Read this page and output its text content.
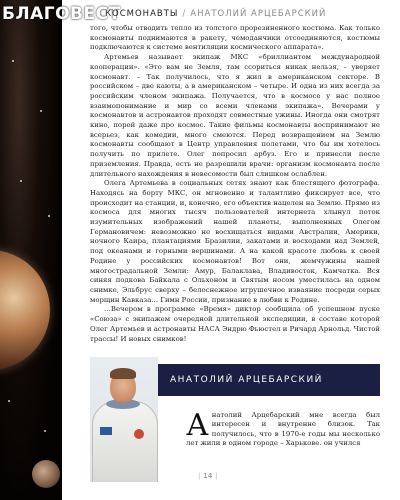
БЛАГОВЕСТ
КОСМОНАВТЫ / АНАТОЛИЙ АРЦЕБАРСКИЙ

того, чтобы отводить тепло из толстого прорезиненного костюма. Как только космонавты поднимаются в ракету, чемоданчики отсоединяются, костюмы подключаются к системе вентиляции космического аппарата».

Артемьев называет экипаж МКС «бриллиантом международной кооперации». «Это вам не Земля, там ссориться никак нельзя, – уверяет космонавт. – Так получилось, что я жил в американском секторе. В российском – две каюты, а в американском – четыре. И одна из них всегда за российским членом экипажа. Получается, что в космосе у нас полное взаимопонимание и мир со всеми членами экипажа». Вечерами у космонавтов и астронавтов проходят совместные ужины. Иногда они смотрят кино, порой даже про космос. Такие фильмы космонавты воспринимают не всерьез, как комедии, много смеются. Перед возвращением на Землю космонавты сообщают в Центр управления полетами, что бы им хотелось получить по прилете. Олег попросил арбуз. Его и принесли после приземления. Правда, есть не разрешили врачи: организм космонавта после длительного нахождения в невесомости был слишком ослаблен.

Олега Артемьева в социальных сетях знают как блестящего фотографа. Находясь на борту МКС, он мгновенно и талантливо фиксирует все, что происходит на станции, и, конечно, его объектив нацелен на Землю. Прямо из космоса для многих тысяч пользователей интернета хлынул поток изумительных изображений нашей планеты, выполненных Олегом Германовичем: невозможно не восхищаться видами Австралии, Америки, ночного Каира, плантациями Бразилии, закатами и восходами над Землей, под океанами и горными вершинами. А на какой красоте любовь к своей Родине у российских космонавтов! Вот они, жемчужины нашей многострадальной Земли: Амур, Балаклава, Владивосток, Камчатка. Вся синяя подкова Байкала с Ольхоном и Святым носом уместилась на одном снимке, Эльбрус сверху – белоснежное игрушечное изваяние посреди серых морщин Кавказа… Гимн России, признание в любви к Родине.

…Вечером в программе «Время» диктор сообщила об успешном пуске «Союза» с экипажем очередной длительной экспедиции, в составе которой Олег Артемьев и астронавты НАСА Эндрю Фьюстел и Ричард Арнольд. Чистой трассы! И новых снимков!

АНАТОЛИЙ АРЦЕБАРСКИЙ
Анатолий Арцебарский мне всегда был интересен и внутренне близок. Так получилось, что в 1970-е годы мы несколько лет жили в одном городе – Харькове. он учился
| 14 |
